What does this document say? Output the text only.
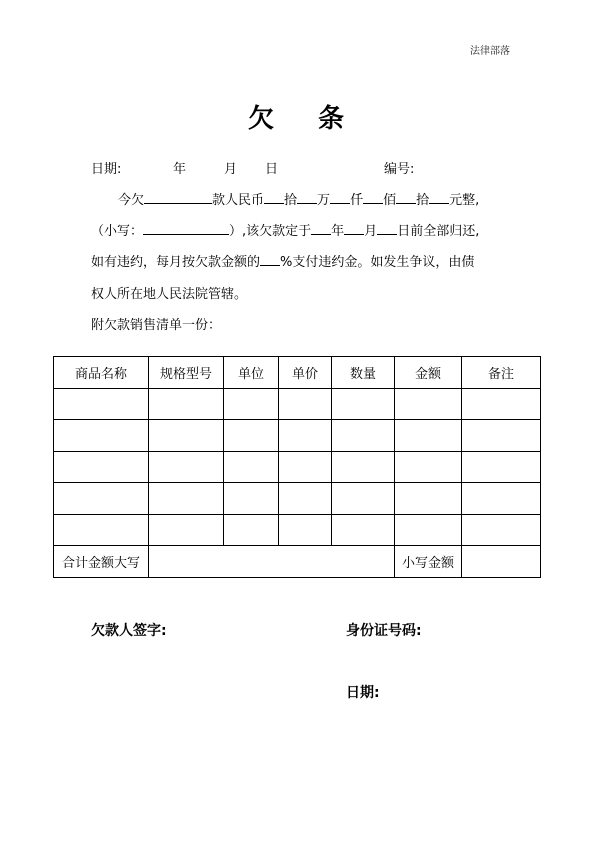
法律部落
欠 条
日期:	年	月 日	编号:
今欠	款人民币 拾 万 仟 佰 拾 元整,
（小写：	）,该欠款定于 年 月 日前全部归还,
如有违约，每月按欠款金额的 %支付违约金。如发生争议，由债
权人所在地人民法院管辖。
附欠款销售清单一份：
商品名称	规格型号	单位	单价	数量	金额	备注

合计金额大写					小写金额	
欠款人签字:	身份证号码:
日期:
